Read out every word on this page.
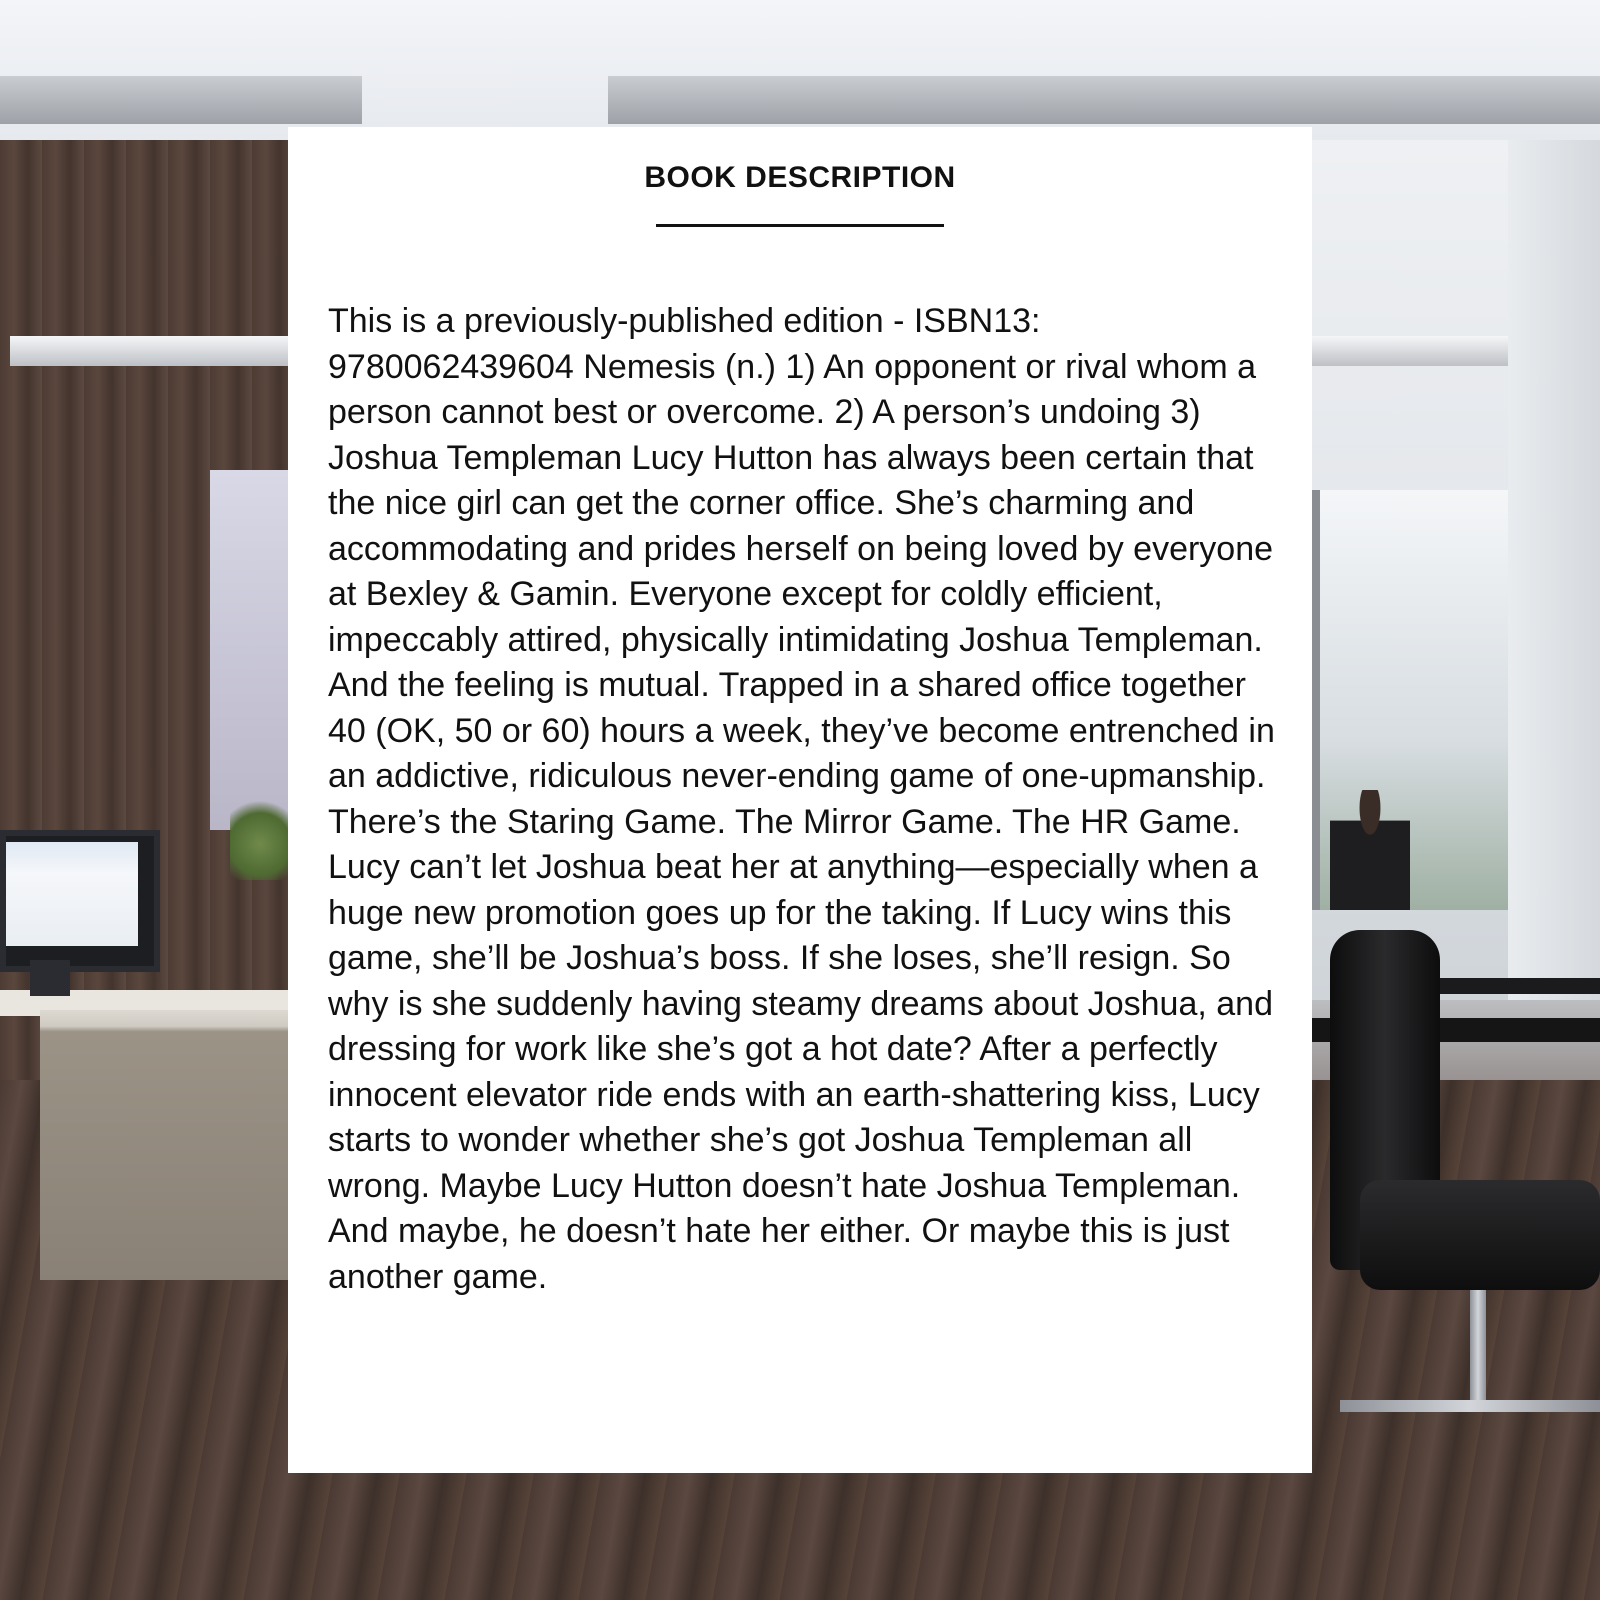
BOOK DESCRIPTION

This is a previously-published edition - ISBN13: 9780062439604 Nemesis (n.) 1) An opponent or rival whom a person cannot best or overcome. 2) A person’s undoing 3) Joshua Templeman Lucy Hutton has always been certain that the nice girl can get the corner office. She’s charming and accommodating and prides herself on being loved by everyone at Bexley & Gamin. Everyone except for coldly efficient, impeccably attired, physically intimidating Joshua Templeman. And the feeling is mutual. Trapped in a shared office together 40 (OK, 50 or 60) hours a week, they’ve become entrenched in an addictive, ridiculous never-ending game of one-upmanship. There’s the Staring Game. The Mirror Game. The HR Game. Lucy can’t let Joshua beat her at anything—especially when a huge new promotion goes up for the taking. If Lucy wins this game, she’ll be Joshua’s boss. If she loses, she’ll resign. So why is she suddenly having steamy dreams about Joshua, and dressing for work like she’s got a hot date? After a perfectly innocent elevator ride ends with an earth-shattering kiss, Lucy starts to wonder whether she’s got Joshua Templeman all wrong. Maybe Lucy Hutton doesn’t hate Joshua Templeman. And maybe, he doesn’t hate her either. Or maybe this is just another game.
